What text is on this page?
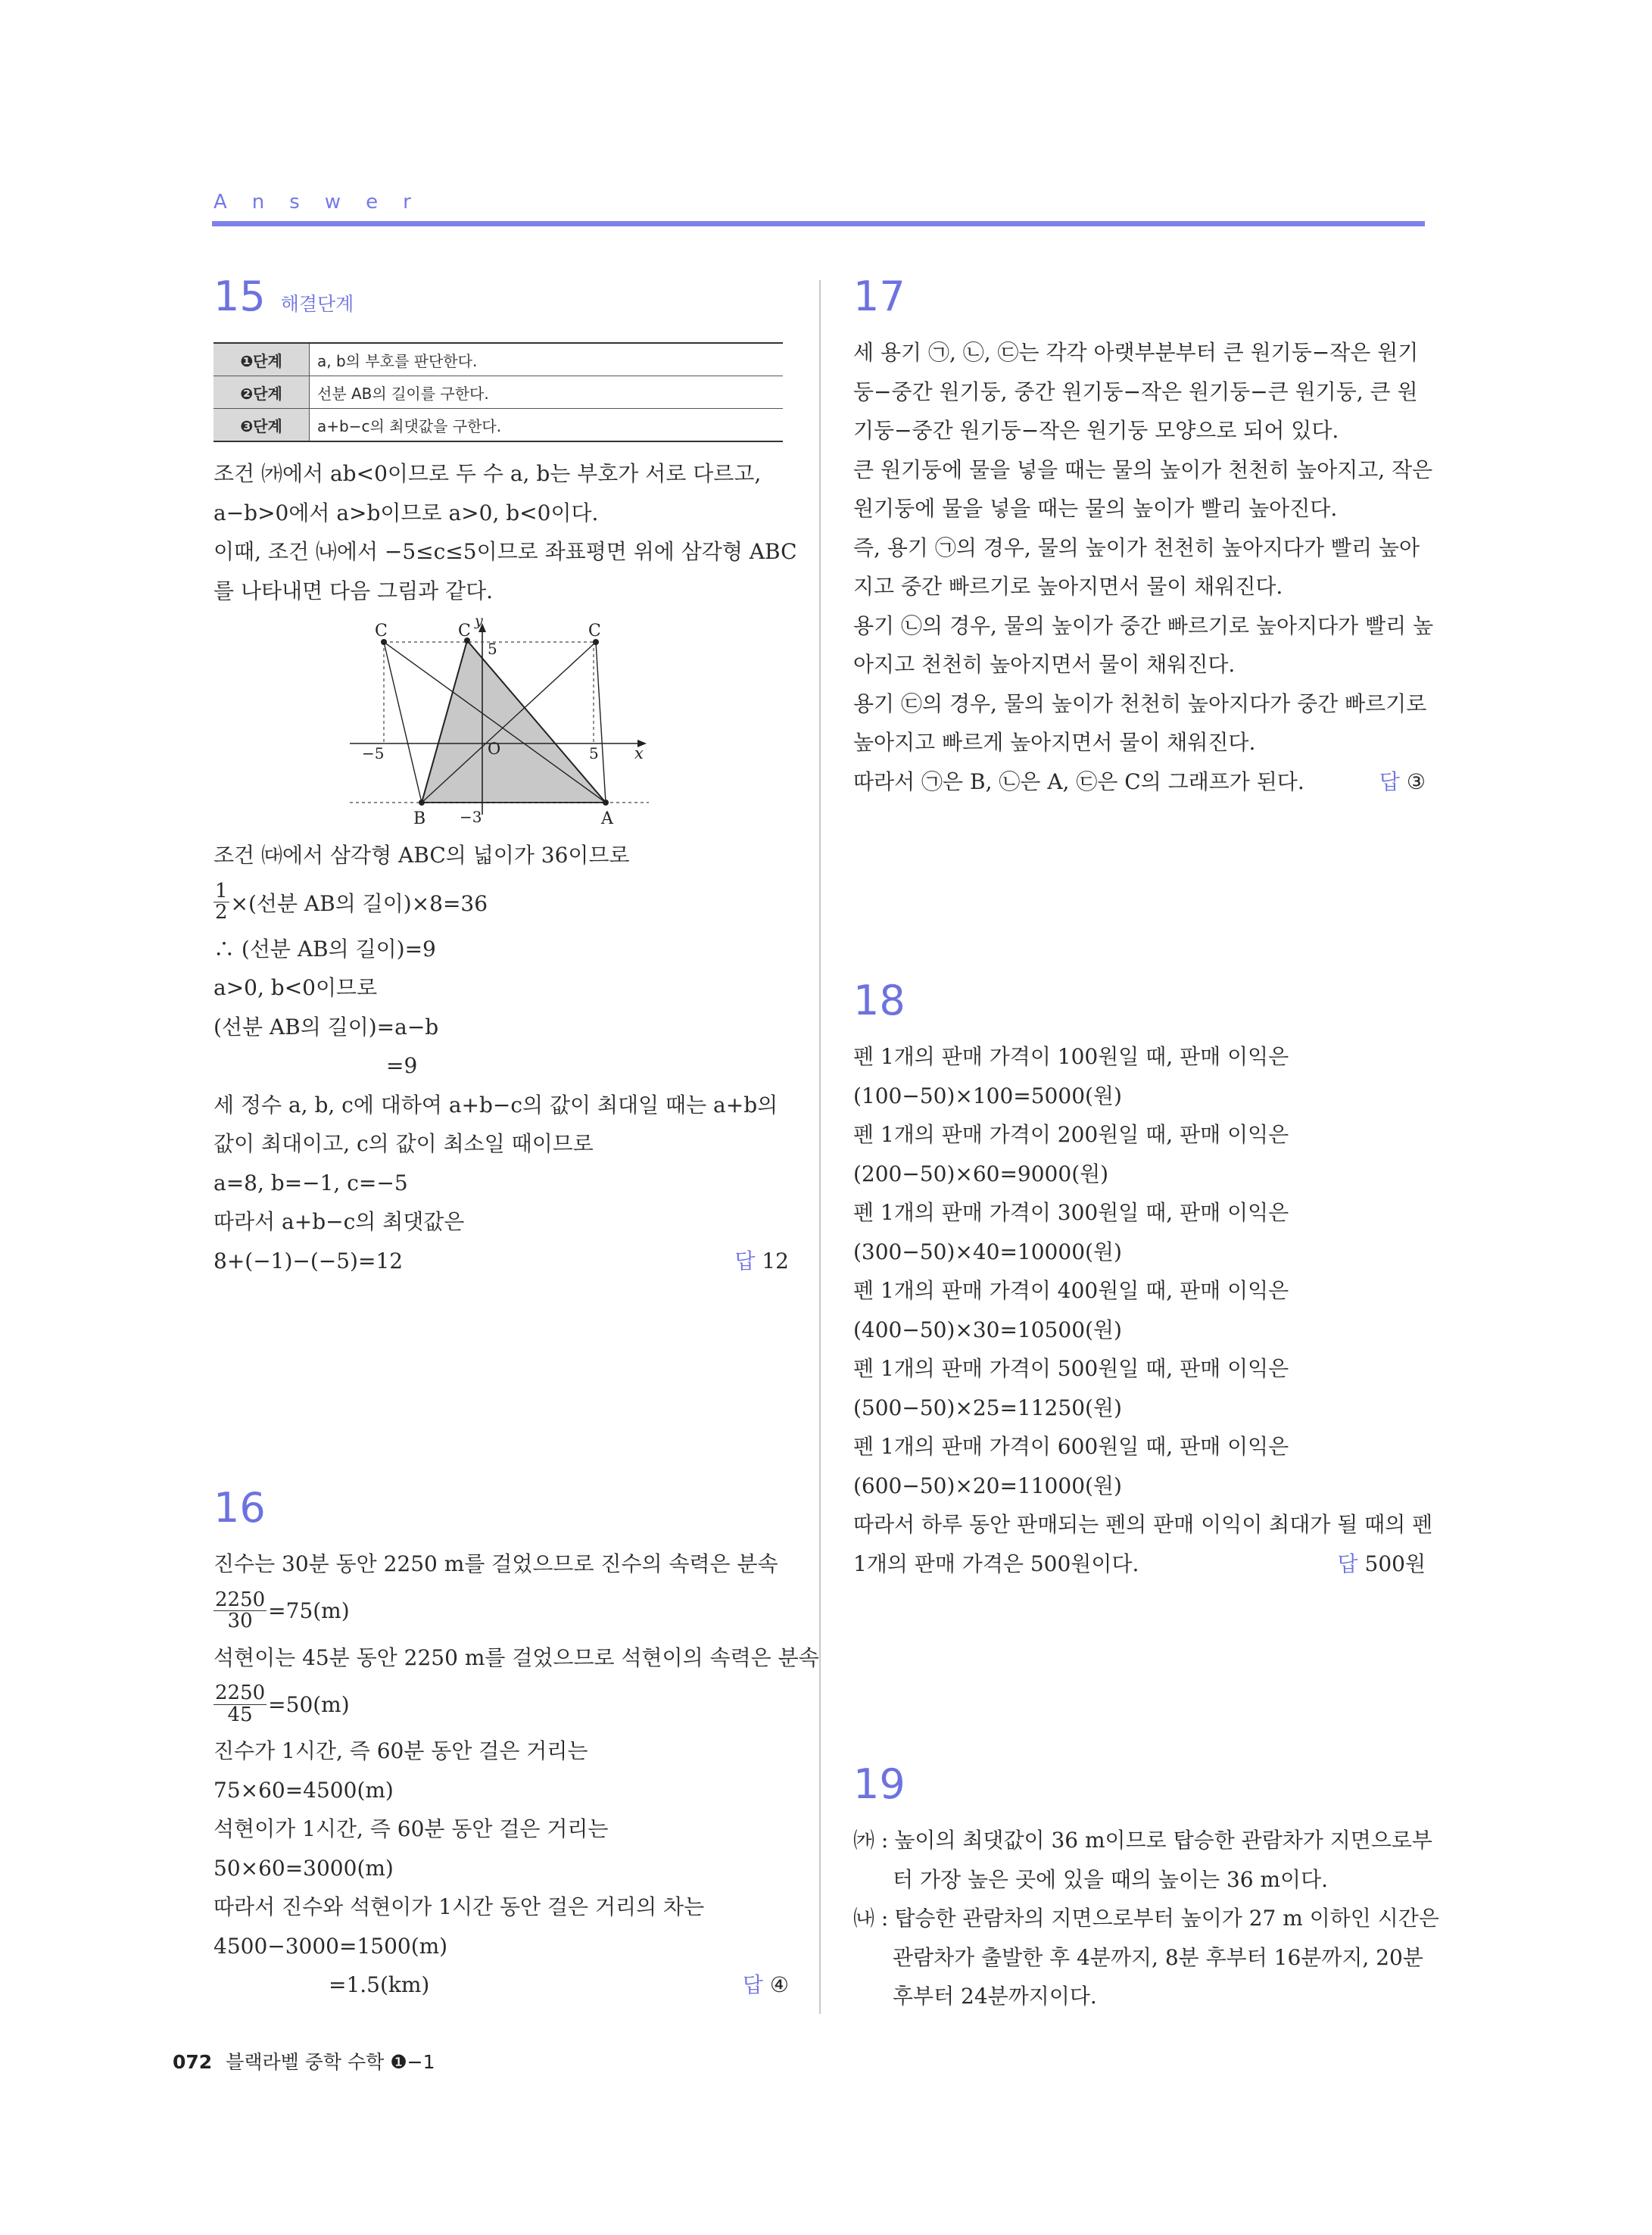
Answer
15 해결단계
❶단계	a, b의 부호를 판단한다.
❷단계	선분 AB의 길이를 구한다.
❸단계	a+b−c의 최댓값을 구한다.
조건 ㈎에서 ab<0이므로 두 수 a, b는 부호가 서로 다르고,
a−b>0에서 a>b이므로 a>0, b<0이다.
이때, 조건 ㈏에서 −5≤c≤5이므로 좌표평면 위에 삼각형 ABC
를 나타내면 다음 그림과 같다.
C	C	C
B	A
O
y
x
−5	5
5
−3
조건 ㈐에서 삼각형 ABC의 넓이가 36이므로
$\frac{1}{2}$ ×(선분 AB의 길이)×8=36
∴ (선분 AB의 길이)=9
a>0, b<0이므로
(선분 AB의 길이)=a−b
=9
세 정수 a, b, c에 대하여 a+b−c의 값이 최대일 때는 a+b의
값이 최대이고, c의 값이 최소일 때이므로
a=8, b=−1, c=−5
따라서 a+b−c의 최댓값은
8+(−1)−(−5)=12	답 12
16
진수는 30분 동안 2250 m를 걸었으므로 진수의 속력은 분속
$\frac{2250}{30} =75(m)$
석현이는 45분 동안 2250 m를 걸었으므로 석현이의 속력은 분속
$\frac{2250}{45} =50(m)$
진수가 1시간, 즉 60분 동안 걸은 거리는
75×60=4500(m)
석현이가 1시간, 즉 60분 동안 걸은 거리는
50×60=3000(m)
따라서 진수와 석현이가 1시간 동안 걸은 거리의 차는
4500−3000=1500(m)
=1.5(km)	답 ④
17
세 용기 ㉠, ㉡, ㉢는 각각 아랫부분부터 큰 원기둥−작은 원기
둥−중간 원기둥, 중간 원기둥−작은 원기둥−큰 원기둥, 큰 원
기둥−중간 원기둥−작은 원기둥 모양으로 되어 있다.
큰 원기둥에 물을 넣을 때는 물의 높이가 천천히 높아지고, 작은
원기둥에 물을 넣을 때는 물의 높이가 빨리 높아진다.
즉, 용기 ㉠의 경우, 물의 높이가 천천히 높아지다가 빨리 높아
지고 중간 빠르기로 높아지면서 물이 채워진다.
용기 ㉡의 경우, 물의 높이가 중간 빠르기로 높아지다가 빨리 높
아지고 천천히 높아지면서 물이 채워진다.
용기 ㉢의 경우, 물의 높이가 천천히 높아지다가 중간 빠르기로
높아지고 빠르게 높아지면서 물이 채워진다.
따라서 ㉠은 B, ㉡은 A, ㉢은 C의 그래프가 된다.	답 ③
18
펜 1개의 판매 가격이 100원일 때, 판매 이익은
(100−50)×100=5000(원)
펜 1개의 판매 가격이 200원일 때, 판매 이익은
(200−50)×60=9000(원)
펜 1개의 판매 가격이 300원일 때, 판매 이익은
(300−50)×40=10000(원)
펜 1개의 판매 가격이 400원일 때, 판매 이익은
(400−50)×30=10500(원)
펜 1개의 판매 가격이 500원일 때, 판매 이익은
(500−50)×25=11250(원)
펜 1개의 판매 가격이 600원일 때, 판매 이익은
(600−50)×20=11000(원)
따라서 하루 동안 판매되는 펜의 판매 이익이 최대가 될 때의 펜
1개의 판매 가격은 500원이다.	답 500원
19
㈎ : 높이의 최댓값이 36 m이므로 탑승한 관람차가 지면으로부
터 가장 높은 곳에 있을 때의 높이는 36 m이다.
㈏ : 탑승한 관람차의 지면으로부터 높이가 27 m 이하인 시간은
관람차가 출발한 후 4분까지, 8분 후부터 16분까지, 20분
후부터 24분까지이다.
072 블랙라벨 중학 수학 ❶−1
